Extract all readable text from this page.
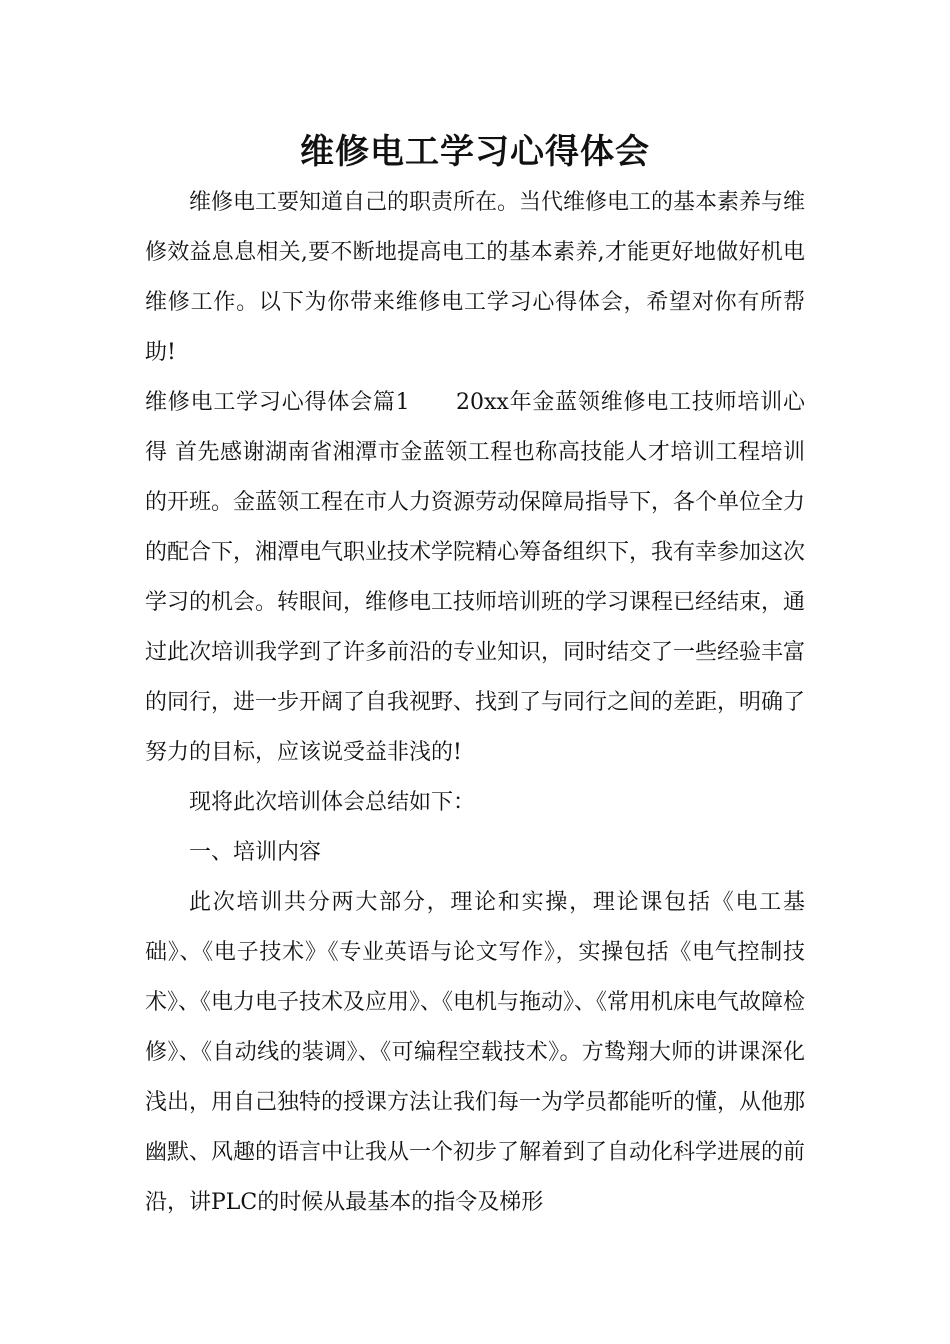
维修电工学习心得体会

维修电工要知道自己的职责所在。当代维修电工的基本素养与维修效益息息相关,要不断地提高电工的基本素养,才能更好地做好机电维修工作。以下为你带来维修电工学习心得体会，希望对你有所帮助!

维修电工学习心得体会篇1　　20xx年金蓝领维修电工技师培训心得 首先感谢湖南省湘潭市金蓝领工程也称高技能人才培训工程培训的开班。金蓝领工程在市人力资源劳动保障局指导下，各个单位全力的配合下，湘潭电气职业技术学院精心筹备组织下，我有幸参加这次学习的机会。转眼间，维修电工技师培训班的学习课程已经结束，通过此次培训我学到了许多前沿的专业知识，同时结交了一些经验丰富的同行，进一步开阔了自我视野、找到了与同行之间的差距，明确了努力的目标，应该说受益非浅的!

现将此次培训体会总结如下：

一、培训内容

此次培训共分两大部分，理论和实操，理论课包括《电工基础》、《电子技术》《专业英语与论文写作》，实操包括《电气控制技术》、《电力电子技术及应用》、《电机与拖动》、《常用机床电气故障检修》、《自动线的装调》、《可编程空载技术》。方鸷翔大师的讲课深化浅出，用自己独特的授课方法让我们每一为学员都能听的懂，从他那幽默、风趣的语言中让我从一个初步了解着到了自动化科学进展的前沿，讲PLC的时候从最基本的指令及梯形
